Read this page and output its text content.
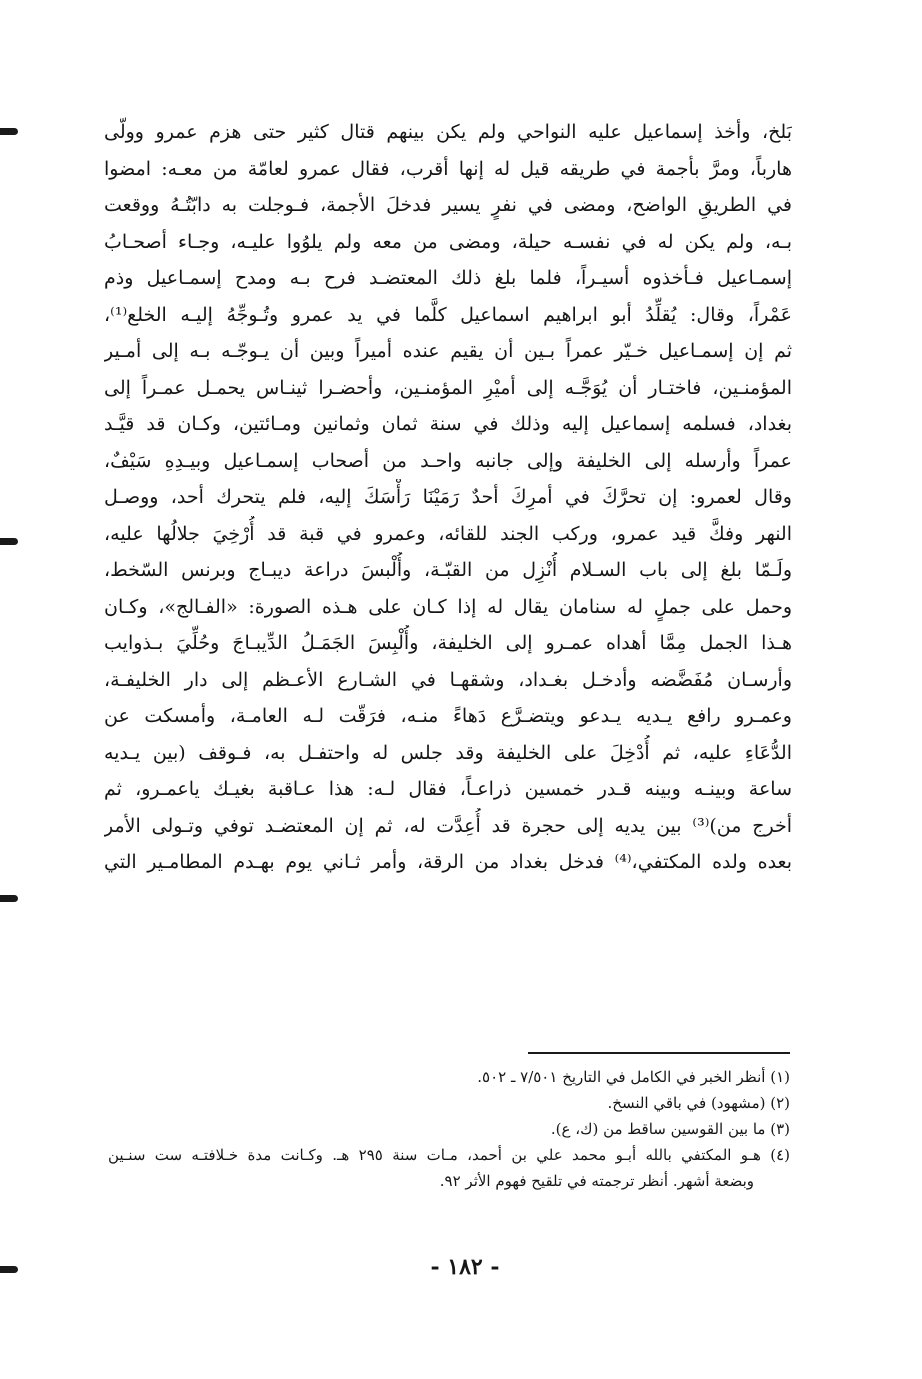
بَلخ، وأخذ إسماعيل عليه النواحي ولم يكن بينهم قتال كثير حتى هزم عمرو وولّى
هارباً، ومرَّ بأجمة في طريقه قيل له إنها أقرب، فقال عمرو لعامّة من معـه: امضوا
في الطريقِ الواضح، ومضى في نفرٍ يسير فدخلَ الأجمة، فـوجلت به دابّتُـهُ ووقعت
بـه، ولم يكن له في نفسـه حيلة، ومضى من معه ولم يلوُوا عليـه، وجـاء أصحـابُ
إسمـاعيل فـأخذوه أسيـراً، فلما بلغ ذلك المعتضـد فرح بـه ومدح إسمـاعيل وذم
عَمْراً، وقال: يُقلِّدُ أبو ابراهيم اسماعيل كلَّما في يد عمرو وتُـوجِّهُ إليـه الخلع⁽¹⁾،
ثم إن إسمـاعيل خـيّر عمراً بـين أن يقيم عنده أميراً وبين أن يـوجّـه بـه إلى أمـير
المؤمنـين، فاختـار أن يُوَجَّـه إلى أميْرِ المؤمنـين، وأحضـرا ثينـاس يحمـل عمـراً إلى
بغداد، فسلمه إسماعيل إليه وذلك في سنة ثمان وثمانين ومـائتين، وكـان قد قيَّـد
عمراً وأرسله إلى الخليفة وإلى جانبه واحـد من أصحاب إسمـاعيل وبيـدِهِ سَيْفٌ،
وقال لعمرو: إن تحرَّكَ في أمرِكَ أحدٌ رَمَيْنَا رَأْسَكَ إليه، فلم يتحرك أحد، ووصـل
النهر وفكَّ قيد عمرو، وركب الجند للقائه، وعمرو في قبة قد أُرْخِيَ جلالُها عليه،
ولَـمّا بلغ إلى باب السـلام أُنْزِل من القبّـة، وأُلْبسَ دراعة ديبـاج وبرنس السّخط،
وحمل على جملٍ له سنامان يقال له إذا كـان على هـذه الصورة: «الفـالج»، وكـان
هـذا الجمل مِمَّا أهداه عمـرو إلى الخليفة، وأُلْبِسَ الجَمَـلُ الدِّيبـاجَ وحُلِّيَ بـذوايب
وأرسـان مُفَضَّضه وأدخـل بغـداد، وشقهـا في الشـارع الأعـظم إلى دار الخليفـة،
وعمـرو رافع يـديه يـدعو ويتضـرَّع دَهاءً منـه، فرَقّت لـه العامـة، وأمسكت عن
الدُّعَاءِ عليه، ثم أُدْخِلَ على الخليفة وقد جلس له واحتفـل به، فـوقف (بين يـديه
ساعة وبينـه وبينه قـدر خمسين ذراعـاً، فقال لـه: هذا عـاقبة بغيـك ياعمـرو، ثم
أخرج من)⁽³⁾ بين يديه إلى حجرة قد أُعِدَّت له، ثم إن المعتضـد توفي وتـولى الأمر
بعده ولده المكتفي،⁽⁴⁾ فدخل بغداد من الرقة، وأمر ثـاني يوم بهـدم المطامـير التي
(١) أنظر الخبر في الكامل في التاريخ ٧/٥٠١ ـ ٥٠٢.
(٢) (مشهود) في باقي النسخ.
(٣) ما بين القوسين ساقط من (ك، ع).
(٤) هـو المكتفي بالله أبـو محمد علي بن أحمد، مـات سنة ٢٩٥ هـ. وكـانت مدة خـلافتـه ست سنـين
وبضعة أشهر. أنظر ترجمته في تلقيح فهوم الأثر ٩٢.
- ١٨٢ -
